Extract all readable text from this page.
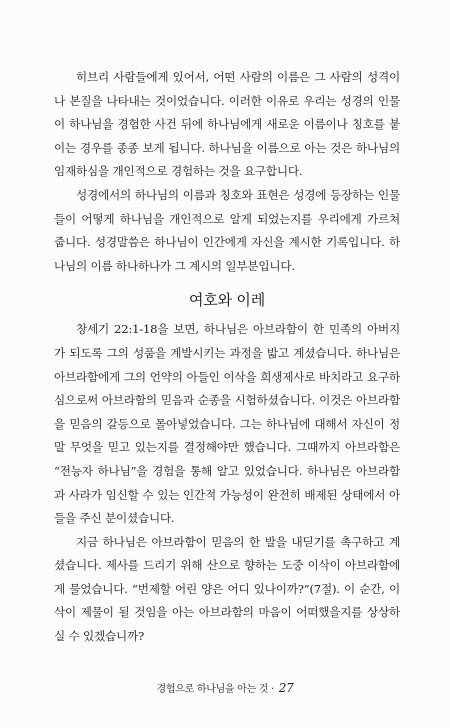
히브리 사람들에게 있어서, 어떤 사람의 이름은 그 사람의 성격이나 본질을 나타내는 것이었습니다. 이러한 이유로 우리는 성경의 인물이 하나님을 경험한 사건 뒤에 하나님에게 새로운 이름이나 칭호를 붙이는 경우를 종종 보게 됩니다. 하나님을 이름으로 아는 것은 하나님의 임재하심을 개인적으로 경험하는 것을 요구합니다.

성경에서의 하나님의 이름과 칭호와 표현은 성경에 등장하는 인물들이 어떻게 하나님을 개인적으로 알게 되었는지를 우리에게 가르쳐 줍니다. 성경말씀은 하나님이 인간에게 자신을 계시한 기록입니다. 하나님의 이름 하나하나가 그 계시의 일부분입니다.

여호와 이레

창세기 22:1-18을 보면, 하나님은 아브라함이 한 민족의 아버지가 되도록 그의 성품을 계발시키는 과정을 밟고 계셨습니다. 하나님은 아브라함에게 그의 언약의 아들인 이삭을 희생제사로 바치라고 요구하심으로써 아브라함의 믿음과 순종을 시험하셨습니다. 이것은 아브라함을 믿음의 갈등으로 몰아넣었습니다. 그는 하나님에 대해서 자신이 정말 무엇을 믿고 있는지를 결정해야만 했습니다. 그때까지 아브라함은 “전능자 하나님”을 경험을 통해 알고 있었습니다. 하나님은 아브라함과 사라가 임신할 수 있는 인간적 가능성이 완전히 배제된 상태에서 아들을 주신 분이셨습니다.

지금 하나님은 아브라함이 믿음의 한 발을 내딛기를 촉구하고 계셨습니다. 제사를 드리기 위해 산으로 향하는 도중 이삭이 아브라함에게 물었습니다. “번제할 어린 양은 어디 있나이까?”(7절). 이 순간, 이삭이 제물이 될 것임을 아는 아브라함의 마음이 어떠했을지를 상상하실 수 있겠습니까?

경험으로 하나님을 아는 것 · 27
